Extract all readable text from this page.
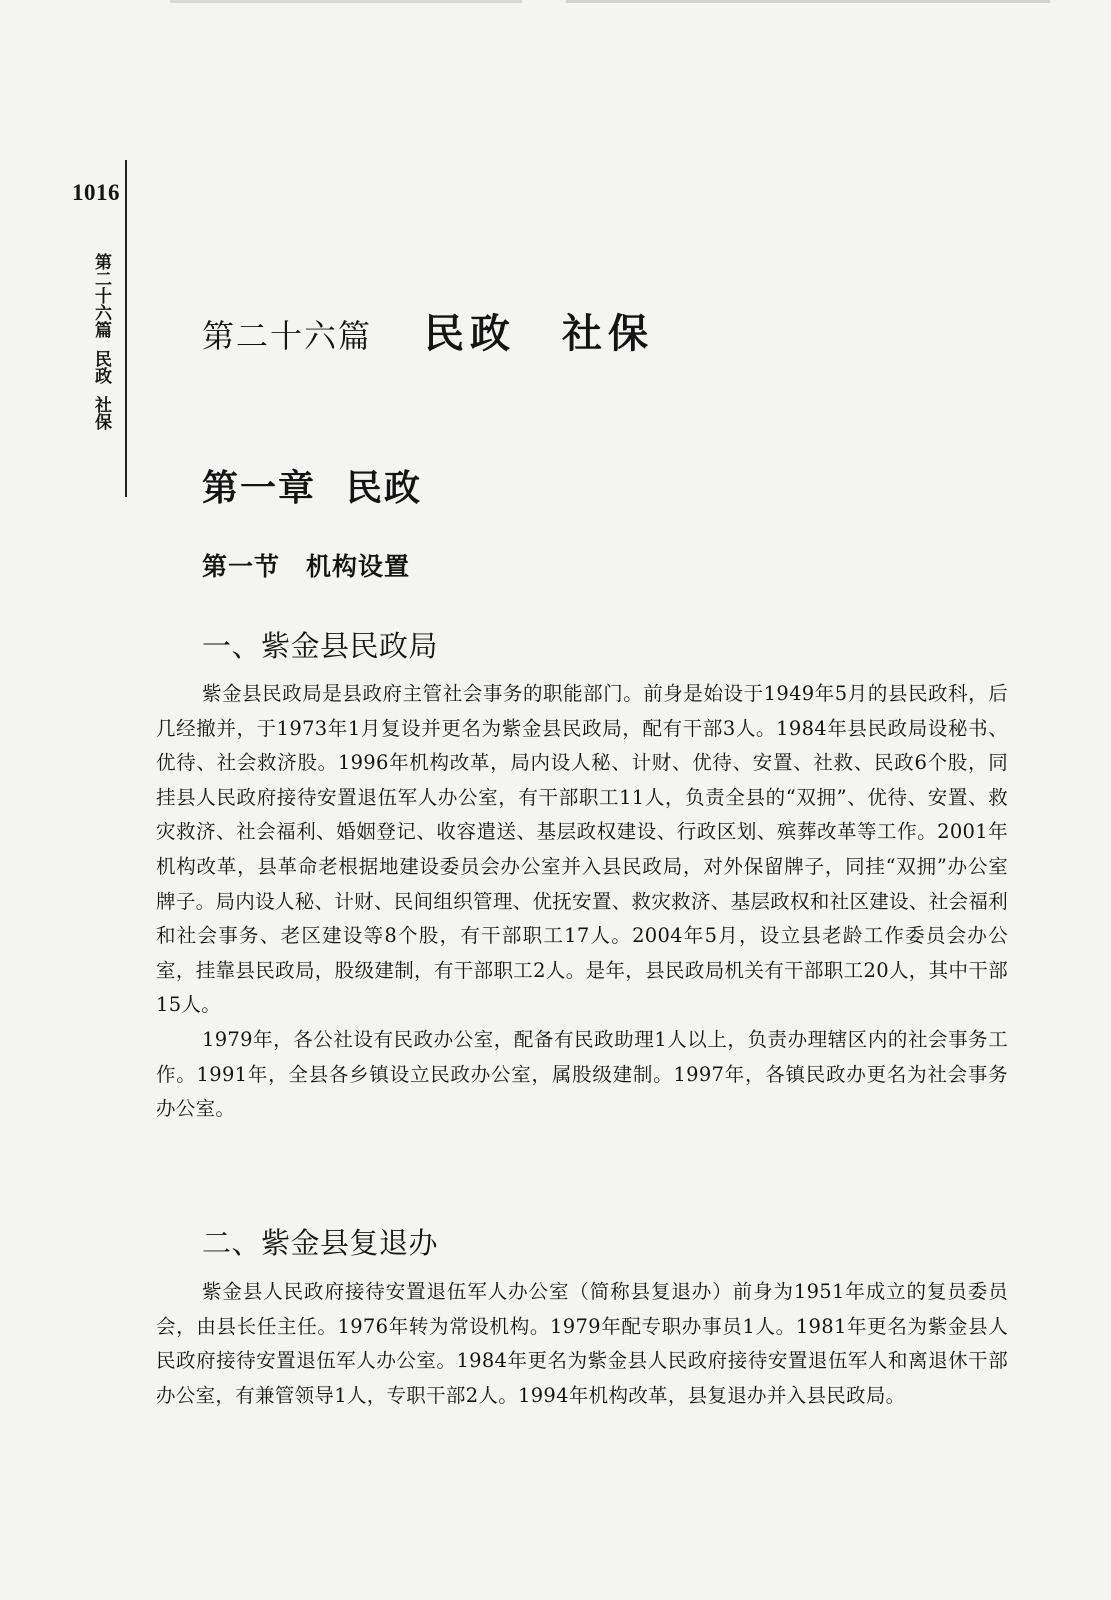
1016
第二十六篇民政社保
第二十六篇 民政 社保
第一章 民政
第一节 机构设置
一、紫金县民政局

紫金县民政局是县政府主管社会事务的职能部门。前身是始设于1949年5月的县民政科，后几经撤并，于1973年1月复设并更名为紫金县民政局，配有干部3人。1984年县民政局设秘书、优待、社会救济股。1996年机构改革，局内设人秘、计财、优待、安置、社救、民政6个股，同挂县人民政府接待安置退伍军人办公室，有干部职工11人，负责全县的“双拥”、优待、安置、救灾救济、社会福利、婚姻登记、收容遣送、基层政权建设、行政区划、殡葬改革等工作。2001年机构改革，县革命老根据地建设委员会办公室并入县民政局，对外保留牌子，同挂“双拥”办公室牌子。局内设人秘、计财、民间组织管理、优抚安置、救灾救济、基层政权和社区建设、社会福利和社会事务、老区建设等8个股，有干部职工17人。2004年5月，设立县老龄工作委员会办公室，挂靠县民政局，股级建制，有干部职工2人。是年，县民政局机关有干部职工20人，其中干部15人。

1979年，各公社设有民政办公室，配备有民政助理1人以上，负责办理辖区内的社会事务工作。1991年，全县各乡镇设立民政办公室，属股级建制。1997年，各镇民政办更名为社会事务办公室。

二、紫金县复退办

紫金县人民政府接待安置退伍军人办公室（简称县复退办）前身为1951年成立的复员委员会，由县长任主任。1976年转为常设机构。1979年配专职办事员1人。1981年更名为紫金县人民政府接待安置退伍军人办公室。1984年更名为紫金县人民政府接待安置退伍军人和离退休干部办公室，有兼管领导1人，专职干部2人。1994年机构改革，县复退办并入县民政局。
